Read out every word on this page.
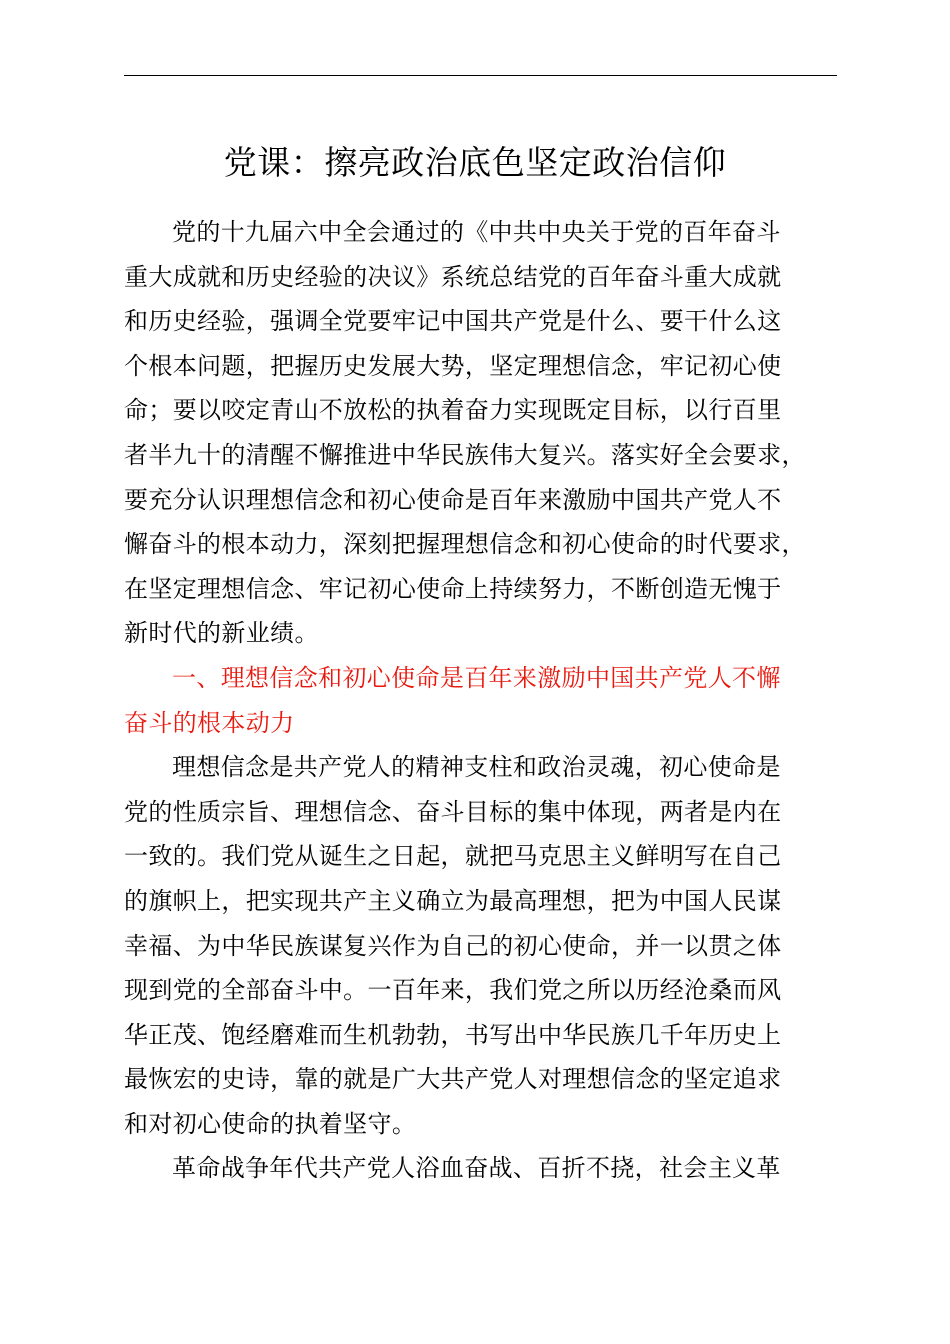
党课：擦亮政治底色坚定政治信仰
党的十九届六中全会通过的《中共中央关于党的百年奋斗
重大成就和历史经验的决议》系统总结党的百年奋斗重大成就
和历史经验，强调全党要牢记中国共产党是什么、要干什么这
个根本问题，把握历史发展大势，坚定理想信念，牢记初心使
命；要以咬定青山不放松的执着奋力实现既定目标，以行百里
者半九十的清醒不懈推进中华民族伟大复兴。落实好全会要求，
要充分认识理想信念和初心使命是百年来激励中国共产党人不
懈奋斗的根本动力，深刻把握理想信念和初心使命的时代要求，
在坚定理想信念、牢记初心使命上持续努力，不断创造无愧于
新时代的新业绩。
一、理想信念和初心使命是百年来激励中国共产党人不懈
奋斗的根本动力
理想信念是共产党人的精神支柱和政治灵魂，初心使命是
党的性质宗旨、理想信念、奋斗目标的集中体现，两者是内在
一致的。我们党从诞生之日起，就把马克思主义鲜明写在自己
的旗帜上，把实现共产主义确立为最高理想，把为中国人民谋
幸福、为中华民族谋复兴作为自己的初心使命，并一以贯之体
现到党的全部奋斗中。一百年来，我们党之所以历经沧桑而风
华正茂、饱经磨难而生机勃勃，书写出中华民族几千年历史上
最恢宏的史诗，靠的就是广大共产党人对理想信念的坚定追求
和对初心使命的执着坚守。
革命战争年代共产党人浴血奋战、百折不挠，社会主义革
